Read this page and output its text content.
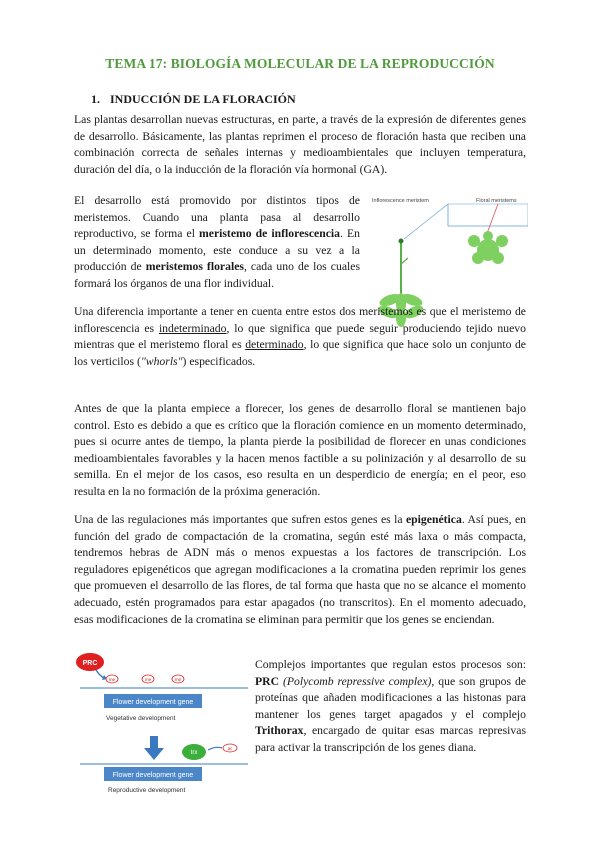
TEMA 17: BIOLOGÍA MOLECULAR DE LA REPRODUCCIÓN
1. INDUCCIÓN DE LA FLORACIÓN

Las plantas desarrollan nuevas estructuras, en parte, a través de la expresión de diferentes genes de desarrollo. Básicamente, las plantas reprimen el proceso de floración hasta que reciben una combinación correcta de señales internas y medioambientales que incluyen temperatura, duración del día, o la inducción de la floración vía hormonal (GA).

El desarrollo está promovido por distintos tipos de meristemos. Cuando una planta pasa al desarrollo reproductivo, se forma el meristemo de inflorescencia. En un determinado momento, este conduce a su vez a la producción de meristemos florales, cada uno de los cuales formará los órganos de una flor individual.

Inflorescence meristem	Floral meristems

Una diferencia importante a tener en cuenta entre estos dos meristemos es que el meristemo de inflorescencia es indeterminado, lo que significa que puede seguir produciendo tejido nuevo mientras que el meristemo floral es determinado, lo que significa que hace solo un conjunto de los verticilos ("whorls") especificados.

Antes de que la planta empiece a florecer, los genes de desarrollo floral se mantienen bajo control. Esto es debido a que es crítico que la floración comience en un momento determinado, pues si ocurre antes de tiempo, la planta pierde la posibilidad de florecer en unas condiciones medioambientales favorables y la hacen menos factible a su polinización y al desarrollo de su semilla. En el mejor de los casos, eso resulta en un desperdicio de energía; en el peor, eso resulta en la no formación de la próxima generación.

Una de las regulaciones más importantes que sufren estos genes es la epigenética. Así pues, en función del grado de compactación de la cromatina, según esté más laxa o más compacta, tendremos hebras de ADN más o menos expuestas a los factores de transcripción. Los reguladores epigenéticos que agregan modificaciones a la cromatina pueden reprimir los genes que promueven el desarrollo de las flores, de tal forma que hasta que no se alcance el momento adecuado, estén programados para estar apagados (no transcritos). En el momento adecuado, esas modificaciones de la cromatina se eliminan para permitir que los genes se enciendan.

PRC
me	me	me
Flower development gene
Vegetative development
trx
ac
Flower development gene
Reproductive development

Complejos importantes que regulan estos procesos son: PRC (Polycomb repressive complex), que son grupos de proteínas que añaden modificaciones a las histonas para mantener los genes target apagados y el complejo Trithorax, encargado de quitar esas marcas represivas para activar la transcripción de los genes diana.
